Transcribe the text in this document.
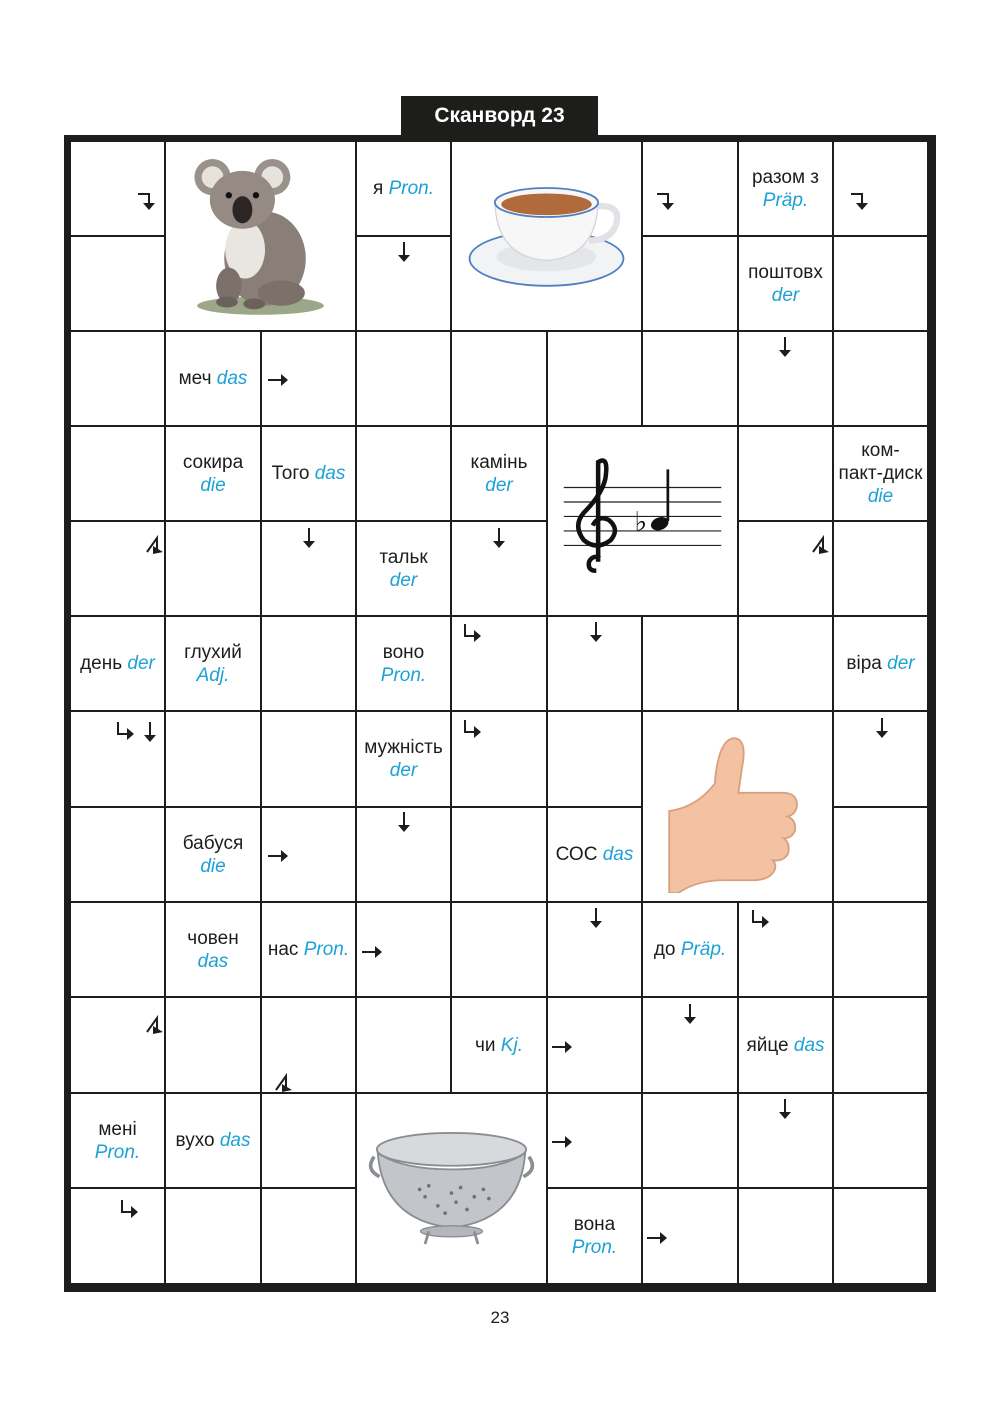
Сканворд 23
я Pron.
разом з
Präp.
поштовх
der
меч das
сокира
die
Того das
камінь
der
♭
ком-
пакт-диск
die
тальк
der
день der
глухий
Adj.
воно
Pron.
віра der
мужність
der
бабуся
die
СОС das
човен
das
нас Pron.	до Präp.
чи Kj.	яйце das
мені
Pron.
вухо das
вона
Pron.
23
